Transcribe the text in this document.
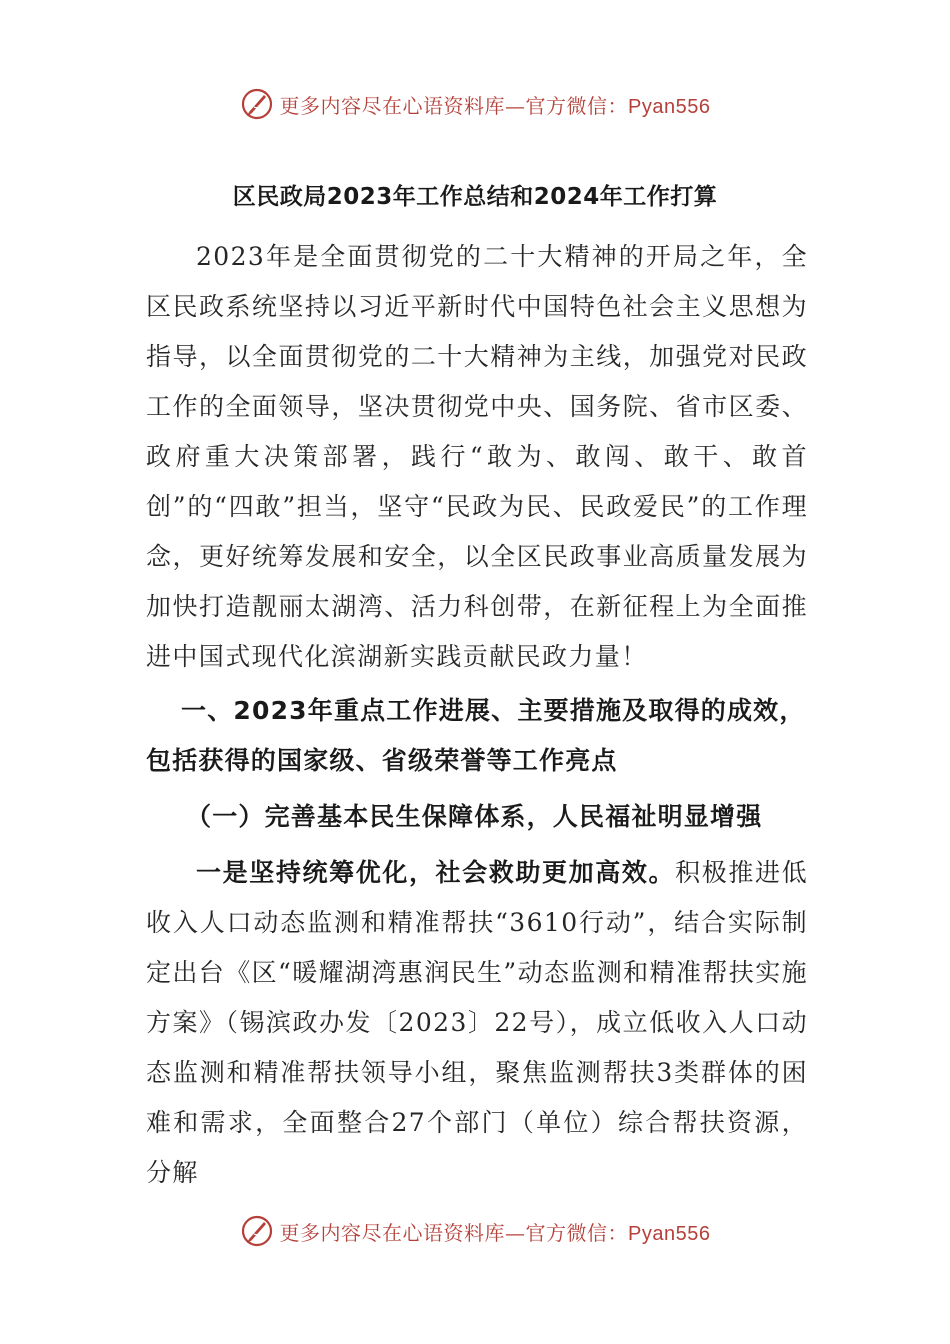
更多内容尽在心语资料库—官方微信：Pyan556
区民政局2023年工作总结和2024年工作打算

2023年是全面贯彻党的二十大精神的开局之年，全区民政系统坚持以习近平新时代中国特色社会主义思想为指导，以全面贯彻党的二十大精神为主线，加强党对民政工作的全面领导，坚决贯彻党中央、国务院、省市区委、政府重大决策部署，践行“敢为、敢闯、敢干、敢首创”的“四敢”担当，坚守“民政为民、民政爱民”的工作理念，更好统筹发展和安全，以全区民政事业高质量发展为加快打造靓丽太湖湾、活力科创带，在新征程上为全面推进中国式现代化滨湖新实践贡献民政力量！

一、2023年重点工作进展、主要措施及取得的成效，包括获得的国家级、省级荣誉等工作亮点

（一）完善基本民生保障体系，人民福祉明显增强

一是坚持统筹优化，社会救助更加高效。积极推进低收入人口动态监测和精准帮扶“3610行动”，结合实际制定出台《区“暖耀湖湾惠润民生”动态监测和精准帮扶实施方案》（锡滨政办发〔2023〕22号），成立低收入人口动态监测和精准帮扶领导小组，聚焦监测帮扶3类群体的困难和需求，全面整合27个部门（单位）综合帮扶资源，分解

更多内容尽在心语资料库—官方微信：Pyan556
